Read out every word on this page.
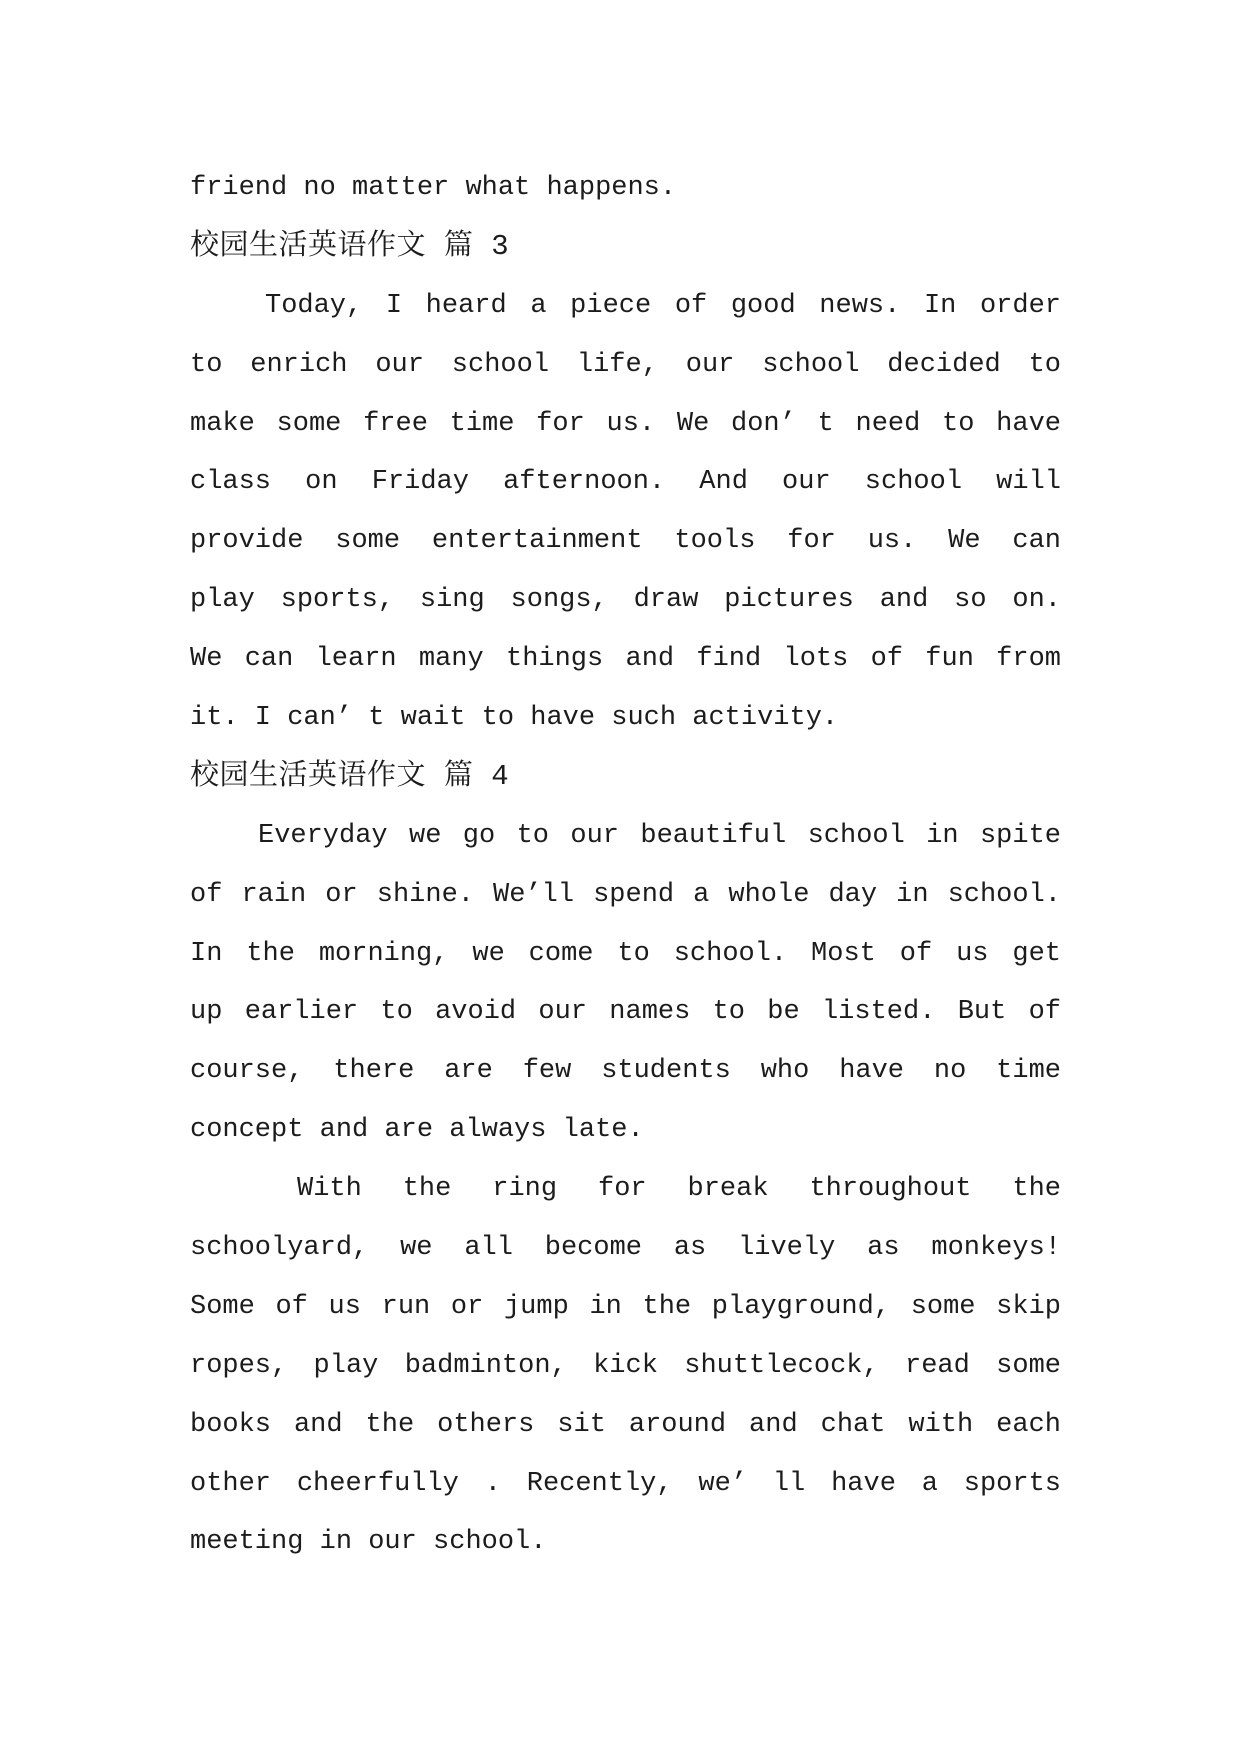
friend no matter what happens.
校园生活英语作文 篇 3
Today, I heard a piece of good news. In order
to enrich our school life, our school decided to
make some free time for us. We don’ t need to have
class on Friday afternoon. And our school will
provide some entertainment tools for us. We can
play sports, sing songs, draw pictures and so on.
We can learn many things and find lots of fun from
it. I can’ t wait to have such activity.
校园生活英语作文 篇 4
Everyday we go to our beautiful school in spite
of rain or shine. We’ll spend a whole day in school.
In the morning, we come to school. Most of us get
up earlier to avoid our names to be listed. But of
course, there are few students who have no time
concept and are always late.
With the ring for break throughout the
schoolyard, we all become as lively as monkeys!
Some of us run or jump in the playground, some skip
ropes, play badminton, kick shuttlecock, read some
books and the others sit around and chat with each
other cheerfully . Recently, we’ ll have a sports
meeting in our school.
